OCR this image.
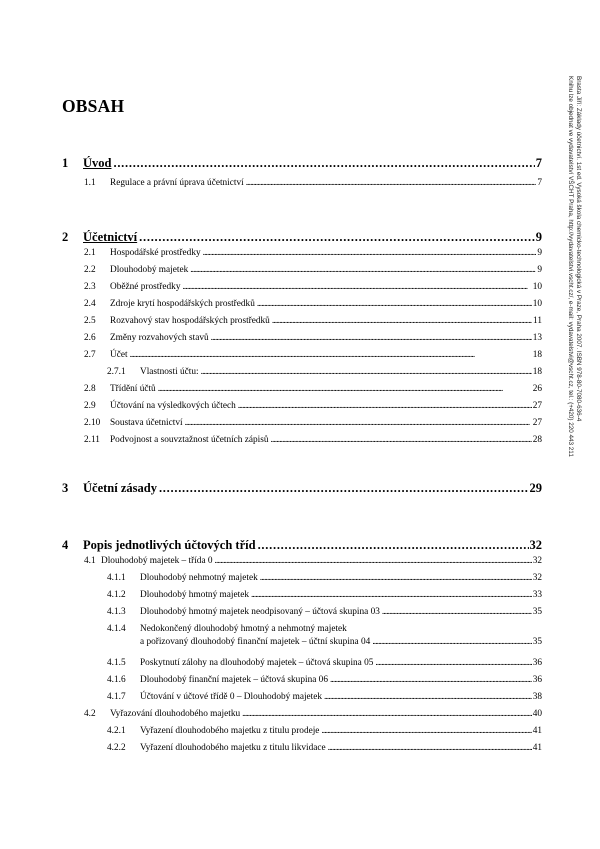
OBSAH	Brasta Jiří: Základy účetnictví. 1st ed. Vysoká škola chemicko-technologická v Praze, Praha 2007. ISBN 978-80-7080-636-4
Knihu lze objednat ve vydavatelství VŠCHT Praha, http://vydavatelstvi.vscht.cz/, e-mail: vydavatelstvi@vscht.cz, tel.: (+420) 220 443 211
1	Úvod . . .	7
1.1	Regulace a právní úprava účetnictví . . .	7
2	Účetnictví . . .	9
2.1	Hospodářské prostředky . . .	9
2.2	Dlouhodobý majetek . . .	9
2.3	Oběžné prostředky . . .	10
2.4	Zdroje krytí hospodářských prostředků . . .	10
2.5	Rozvahový stav hospodářských prostředků . . .	11
2.6	Změny rozvahových stavů . . .	13
2.7	Účet . . .	18
2.7.1	Vlastnosti účtu: . . .	18
2.8	Třídění účtů . . .	26
2.9	Účtování na výsledkových účtech . . .	27
2.10	Soustava účetnictví . . .	27
2.11	Podvojnost a souvztažnost účetních zápisů . . .	28
3	Účetní zásady . . .	29
4	Popis jednotlivých účtových tříd . . .	32
4.1 Dlouhodobý majetek – třída 0 . . .	32
4.1.1	Dlouhodobý nehmotný majetek . . .	32
4.1.2	Dlouhodobý hmotný majetek . . .	33
4.1.3	Dlouhodobý hmotný majetek neodpisovaný – účtová skupina 03 . . .	35
4.1.4	Nedokončený dlouhodobý hmotný a nehmotný majetek
a pořizovaný dlouhodobý finanční majetek – účtní skupina 04 . . .	35
4.1.5	Poskytnutí zálohy na dlouhodobý majetek – účtová skupina 05 . . .	36
4.1.6	Dlouhodobý finanční majetek – účtová skupina 06 . . .	36
4.1.7	Účtování v účtové třídě 0 – Dlouhodobý majetek . . .	38
4.2	Vyřazování dlouhodobého majetku . . .	40
4.2.1	Vyřazení dlouhodobého majetku z titulu prodeje . . .	41
4.2.2	Vyřazení dlouhodobého majetku z titulu likvidace . . .	41
